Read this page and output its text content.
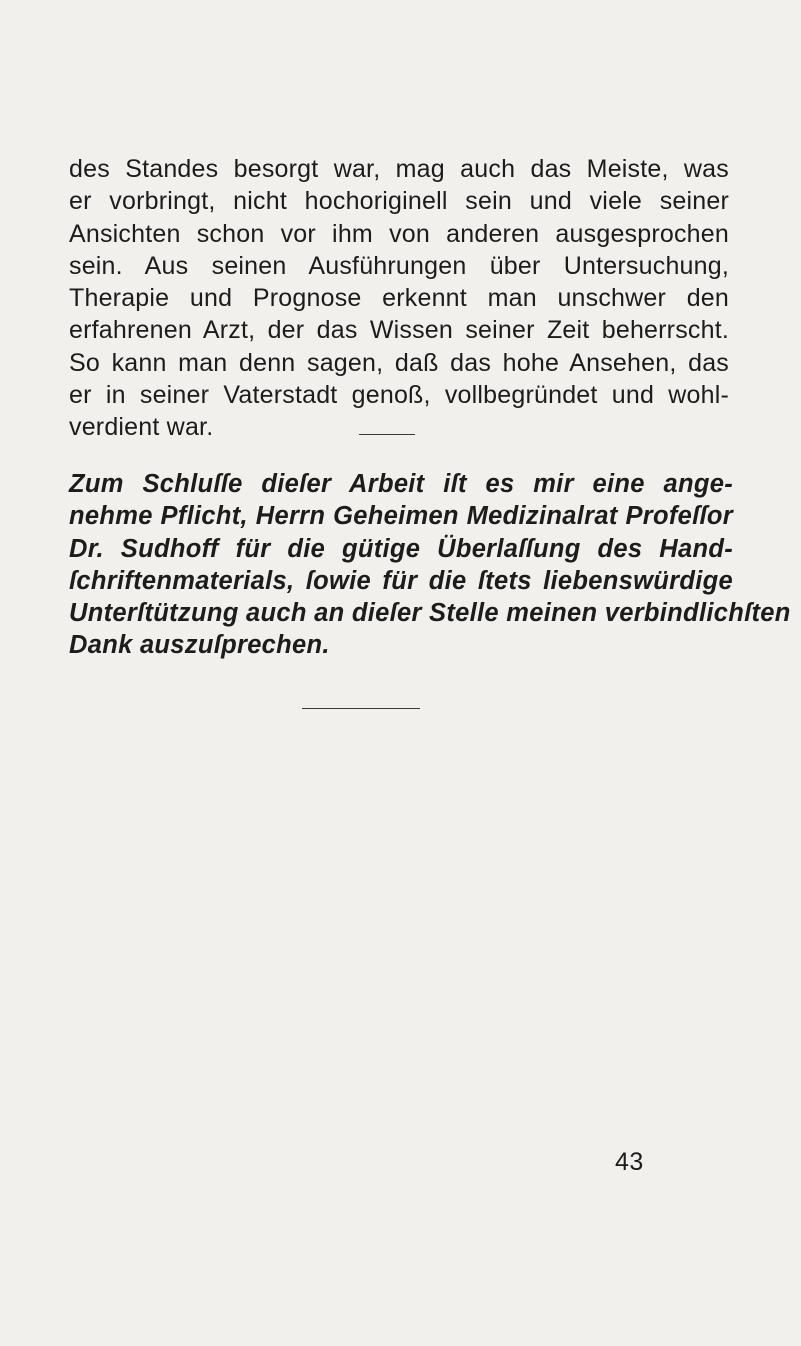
des Standes besorgt war, mag auch das Meiste, was
er vorbringt, nicht hochoriginell sein und viele seiner
Ansichten schon vor ihm von anderen ausgesprochen
sein. Aus seinen Ausführungen über Untersuchung,
Therapie und Prognose erkennt man unschwer den
erfahrenen Arzt, der das Wissen seiner Zeit beherrscht.
So kann man denn sagen, daß das hohe Ansehen, das
er in seiner Vaterstadt genoß, vollbegründet und wohl-
verdient war.
Zum Schluſſe dieſer Arbeit iſt es mir eine ange-
nehme Pflicht, Herrn Geheimen Medizinalrat Profeſſor
Dr. Sudhoff für die gütige Überlaſſung des Hand-
ſchriftenmaterials, ſowie für die ſtets liebenswürdige
Unterſtützung auch an dieſer Stelle meinen verbindlichſten
Dank auszuſprechen.
43
